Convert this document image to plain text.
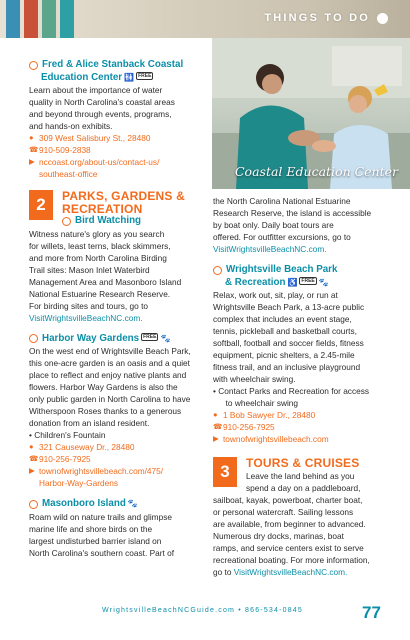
THINGS TO DO
Coastal Education Center
Fred & Alice Stanback Coastal
Education Center 🚻 FREE
Learn about the importance of water
quality in North Carolina's coastal areas
and beyond through events, programs,
and hands-on exhibits.
● 309 West Salisbury St., 28480
☎ 910-509-2838
▶ nccoast.org/about-us/contact-us/
southeast-office
2	PARKS, GARDENS &
RECREATION
Bird Watching
Witness nature's glory as you search
for willets, least terns, black skimmers,
and more from North Carolina Birding
Trail sites: Mason Inlet Waterbird
Management Area and Masonboro Island
National Estuarine Research Reserve.
For birding sites and tours, go to
VisitWrightsvilleBeachNC.com.
Harbor Way Gardens FREE 🐾
On the west end of Wrightsville Beach Park,
this one-acre garden is an oasis and a quiet
place to reflect and enjoy native plants and
flowers. Harbor Way Gardens is also the
only public garden in North Carolina to have
Witherspoon Roses thanks to a generous
donation from an island resident.
• Children's Fountain
● 321 Causeway Dr., 28480
☎ 910-256-7925
▶ townofwrightsvillebeach.com/475/
Harbor-Way-Gardens
Masonboro Island 🐾
Roam wild on nature trails and glimpse
marine life and shore birds on the
largest undisturbed barrier island on
North Carolina's southern coast. Part of
the North Carolina National Estuarine
Research Reserve, the island is accessible
by boat only. Daily boat tours are
offered. For outfitter excursions, go to
VisitWrightsvilleBeachNC.com.
Wrightsville Beach Park
& Recreation ♿ FREE 🐾
Relax, work out, sit, play, or run at
Wrightsville Beach Park, a 13-acre public
complex that includes an event stage,
tennis, pickleball and basketball courts,
softball, football and soccer fields, fitness
equipment, picnic shelters, a 2.45-mile
fitness trail, and an inclusive playground
with wheelchair swing.
• Contact Parks and Recreation for access
to wheelchair swing
● 1 Bob Sawyer Dr., 28480
☎ 910-256-7925
▶ townofwrightsvillebeach.com
3	TOURS & CRUISES
Leave the land behind as you
spend a day on a paddleboard,
sailboat, kayak, powerboat, charter boat,
or personal watercraft. Sailing lessons
are available, from beginner to advanced.
Numerous dry docks, marinas, boat
ramps, and service centers exist to serve
recreational boating. For more information,
go to VisitWrightsvilleBeachNC.com.
WrightsvilleBeachNCGuide.com • 866-534-0845	77
